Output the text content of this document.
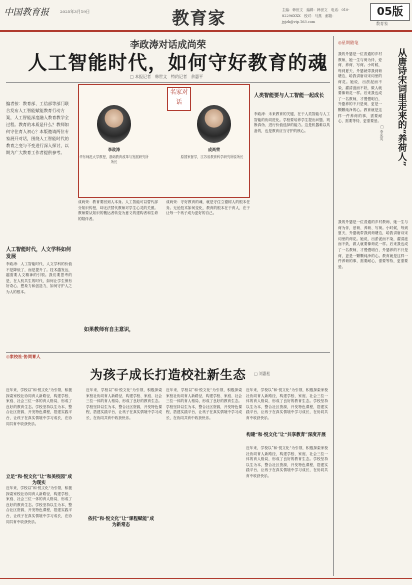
中国教育报	2025年3月19日	教育家	主编：韩世文　编辑：韩世文　电话：010-82296XXX　校对：马燕　邮箱：jyjzk@vip.163.com
05版
教育家
李政涛对话成尚荣
人工智能时代，如何守好教育的魂
□ 本报记者　韩世文　特约记者　余惠平
编者按：教育部、工信部等部门联合发布人工智能赋能教育行动方案，人工智能深度融入教育教学全过程。教育的本质是什么？教师如何守住育人初心？本版邀请两位专家展开对话，围绕人工智能时代的教育之变与不变进行深入探讨，以期为广大教育工作者提供参考。
名家对话
李政涛
华东师范大学教授，基础教育改革与发展研究所所长
成尚荣
原国家督学，江苏省教育科学研究所原所长
人工智能时代，人文学科如何发展
李政涛：人工智能时代，人文学科的价值不是降低了，而是提升了。技术越发达，越需要人文精神的引领。我们要思考的是，在人机共生的时代，如何让学生保有好奇心、想象力和创造力，如何守护人之为人的根本。
成尚荣：教育要回到人本身。人工智能可以替代部分知识传授，却无法替代教师对学生心灵的关照。教师要从知识的搬运者转变为意义的建构者和生命的陪伴者。
如果教师有自主意识，
人类智能要与人工智能一起成长
李政涛：未来教育的关键，在于人类智能与人工智能的协同进化。学校要培养学生提出问题、判断真伪、进行价值选择的能力。这是机器难以具备的，也是教育应当守护的核心。
成尚荣：守好教育的魂，就是守住立德树人的根本任务。无论技术如何变化，教育的根本在于育人，在于让每一个孩子成为更好的自己。
◎星期随笔
从唐诗宋词里走来的“养荷人”
□ 李光英
我的外婆是一位普通的乡村教师，她一生与荷为伴，爱荷、养荷、写荷。小时候，每到夏天，外婆就带我到荷塘边，给我讲唐诗宋词里的荷花。她说，出淤泥而不染，濯清涟而不妖，做人就要像荷花一样。后来我也成了一名教师，才慢慢明白，外婆养的不只是荷，更是一颗颗纯净的心。教育就是这样一件养荷的事，需要耐心，需要等待，更需要爱。
我的外婆是一位普通的乡村教师，她一生与荷为伴，爱荷、养荷、写荷。小时候，每到夏天，外婆就带我到荷塘边，给我讲唐诗宋词里的荷花。她说，出淤泥而不染，濯清涟而不妖，做人就要像荷花一样。后来我也成了一名教师，才慢慢明白，外婆养的不只是荷，更是一颗颗纯净的心。教育就是这样一件养荷的事，需要耐心，需要等待，更需要爱。
◎家校社·协同育人
为孩子成长打造校社新生态 □ 刘惠松
立足“和·悦文化”让“和美校园”成为现实
依托“和·悦文化”让“课程赋能”成为新常态
构建“和·悦文化”让“共享教育”深度开展
近年来，学校以“和·悦文化”为引领，积极探索家校社协同育人新路径，构建学校、家庭、社会三位一体的育人格局，形成了良好的教育生态。学校坚持以生为本，整合社区资源，开发特色课程，搭建实践平台，让孩子在真实情境中学习成长，在协同共育中收获快乐。
近年来，学校以“和·悦文化”为引领，积极探索家校社协同育人新路径，构建学校、家庭、社会三位一体的育人格局，形成了良好的教育生态。学校坚持以生为本，整合社区资源，开发特色课程，搭建实践平台，让孩子在真实情境中学习成长，在协同共育中收获快乐。
近年来，学校以“和·悦文化”为引领，积极探索家校社协同育人新路径，构建学校、家庭、社会三位一体的育人格局，形成了良好的教育生态。学校坚持以生为本，整合社区资源，开发特色课程，搭建实践平台，让孩子在真实情境中学习成长，在协同共育中收获快乐。
近年来，学校以“和·悦文化”为引领，积极探索家校社协同育人新路径，构建学校、家庭、社会三位一体的育人格局，形成了良好的教育生态。学校坚持以生为本，整合社区资源，开发特色课程，搭建实践平台，让孩子在真实情境中学习成长，在协同共育中收获快乐。
近年来，学校以“和·悦文化”为引领，积极探索家校社协同育人新路径，构建学校、家庭、社会三位一体的育人格局，形成了良好的教育生态。学校坚持以生为本，整合社区资源，开发特色课程，搭建实践平台，让孩子在真实情境中学习成长，在协同共育中收获快乐。
近年来，学校以“和·悦文化”为引领，积极探索家校社协同育人新路径，构建学校、家庭、社会三位一体的育人格局，形成了良好的教育生态。学校坚持以生为本，整合社区资源，开发特色课程，搭建实践平台，让孩子在真实情境中学习成长，在协同共育中收获快乐。
